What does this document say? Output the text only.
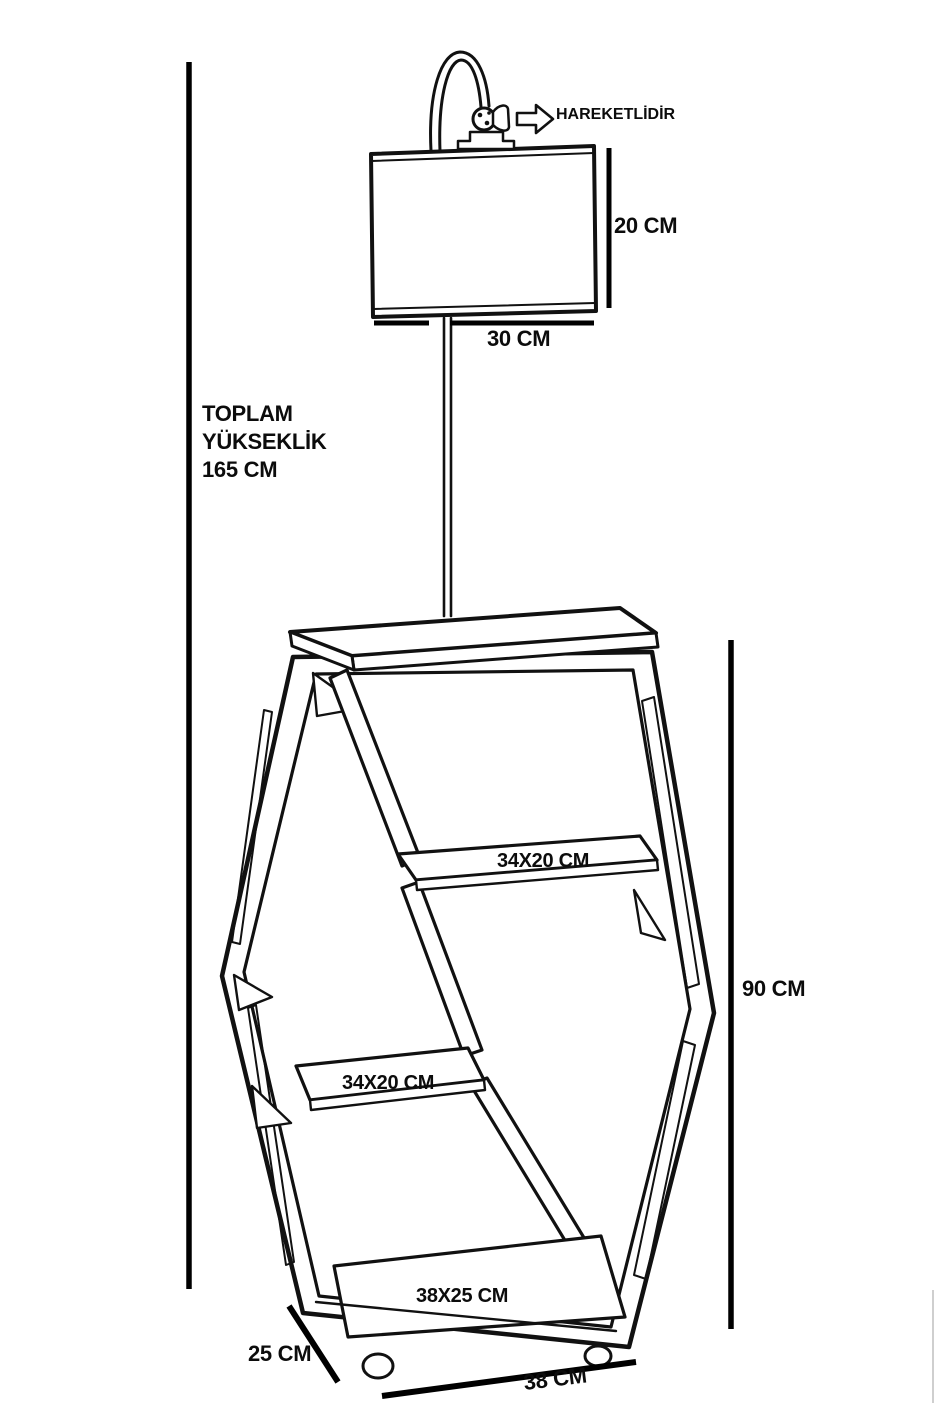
HAREKETLİDİR
20 CM
30 CM
TOPLAM
YÜKSEKLİK
165 CM
34X20 CM
90 CM
34X20 CM
38X25 CM
25 CM
38 CM
